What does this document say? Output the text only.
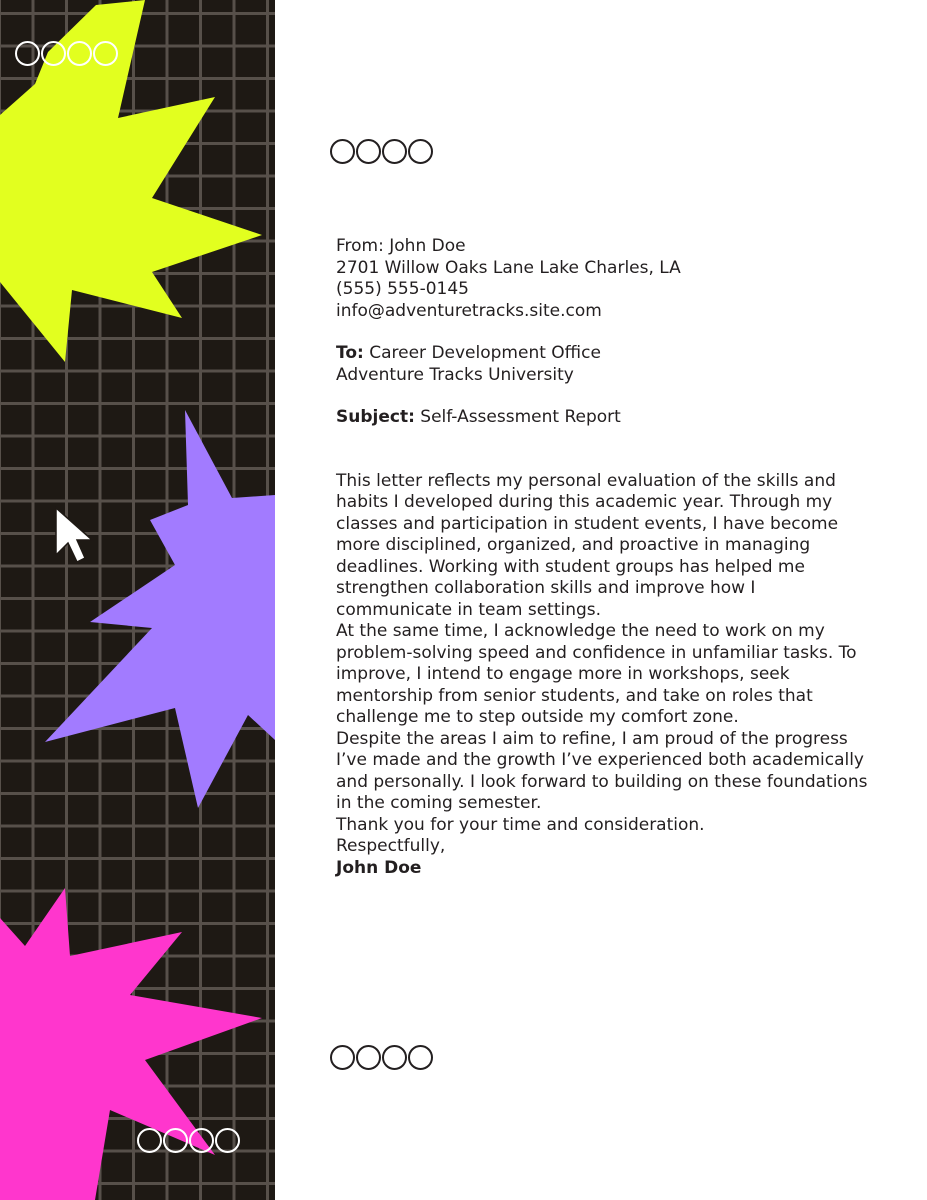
From: John Doe

2701 Willow Oaks Lane Lake Charles, LA

(555) 555-0145

info@adventuretracks.site.com

To: Career Development Office

Adventure Tracks University

Subject: Self-Assessment Report

This letter reflects my personal evaluation of the skills and habits I developed during this academic year. Through my classes and participation in student events, I have become more disciplined, organized, and proactive in managing deadlines. Working with student groups has helped me strengthen collaboration skills and improve how I communicate in team settings.

At the same time, I acknowledge the need to work on my problem-solving speed and confidence in unfamiliar tasks. To improve, I intend to engage more in workshops, seek mentorship from senior students, and take on roles that challenge me to step outside my comfort zone.

Despite the areas I aim to refine, I am proud of the progress I’ve made and the growth I’ve experienced both academically and personally. I look forward to building on these foundations in the coming semester.

Thank you for your time and consideration.

Respectfully,

John Doe
